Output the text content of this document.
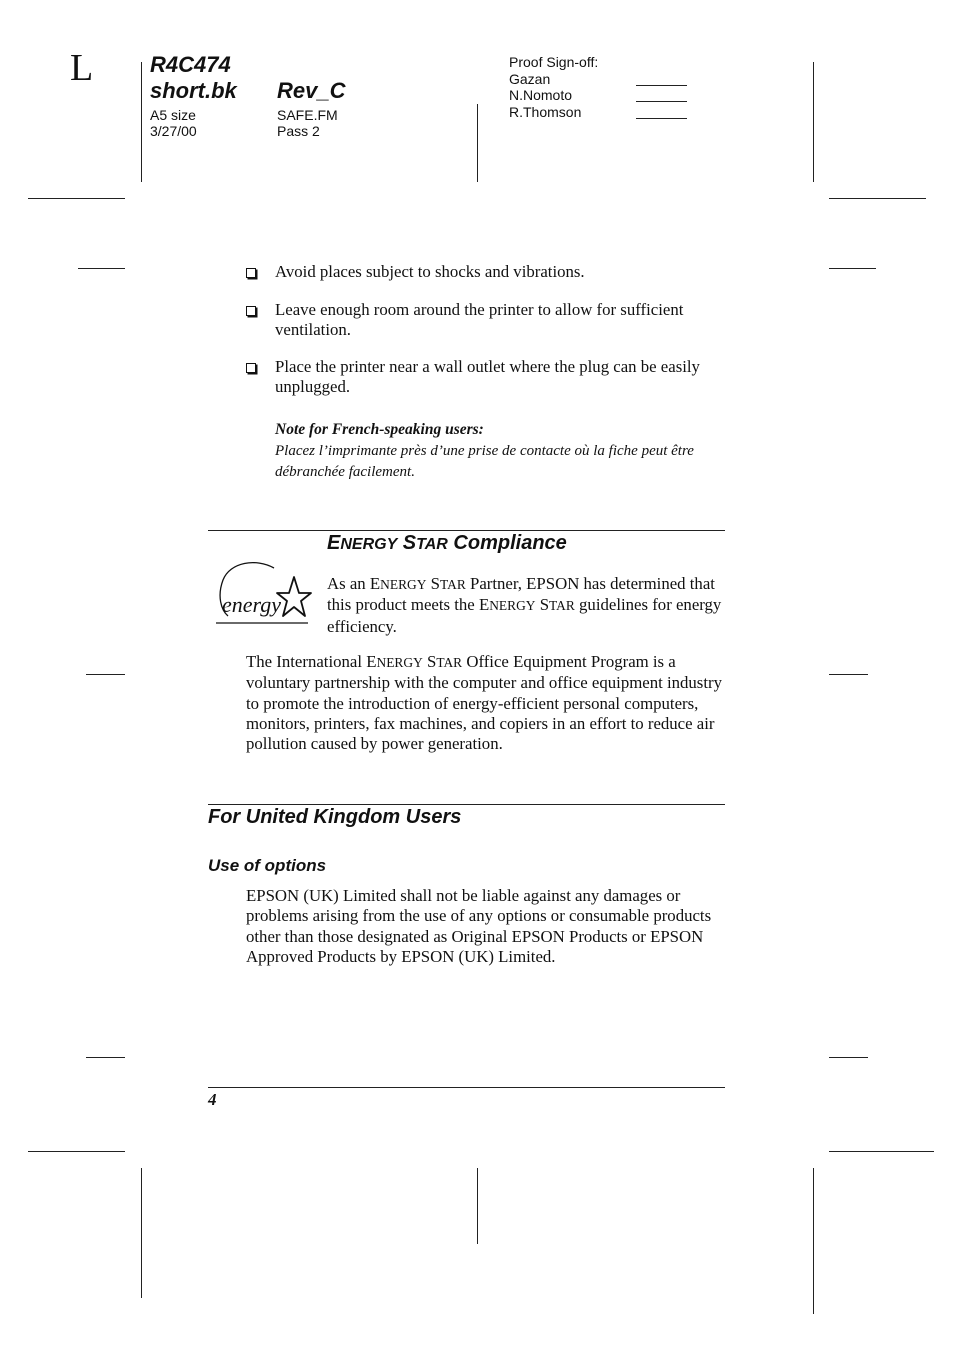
L	R4C474
short.bk Rev_C
A5 size
3/27/00
SAFE.FM
Pass 2
Proof Sign-off:
Gazan
N.Nomoto
R.Thomson
Avoid places subject to shocks and vibrations.
Leave enough room around the printer to allow for sufficient ventilation.
Place the printer near a wall outlet where the plug can be easily unplugged.
Note for French-speaking users:
Placez l’imprimante près d’une prise de contacte où la fiche peut être débranchée facilement.
ENERGY STAR Compliance
energy
As an ENERGY STAR Partner, EPSON has determined that this product meets the ENERGY STAR guidelines for energy efficiency.
The International ENERGY STAR Office Equipment Program is a voluntary partnership with the computer and office equipment industry to promote the introduction of energy-efficient personal computers, monitors, printers, fax machines, and copiers in an effort to reduce air pollution caused by power generation.
For United Kingdom Users
Use of options
EPSON (UK) Limited shall not be liable against any damages or problems arising from the use of any options or consumable products other than those designated as Original EPSON Products or EPSON Approved Products by EPSON (UK) Limited.
4
